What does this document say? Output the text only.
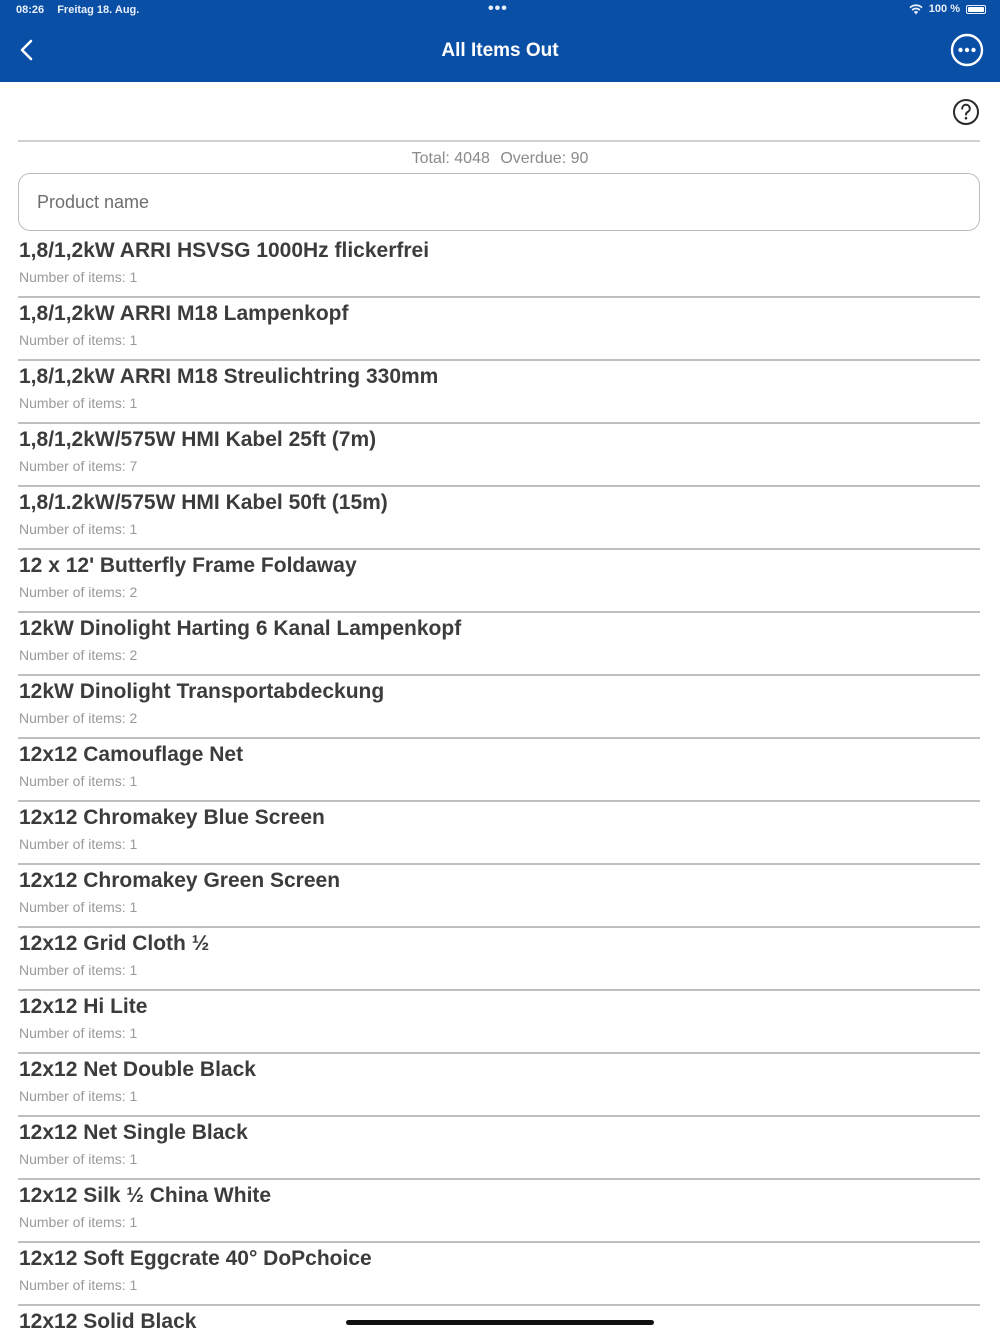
08:26 Freitag 18. Aug.	•••	100 %
All Items Out
Total: 4048 Overdue: 90
Product name
1,8/1,2kW ARRI HSVSG 1000Hz flickerfrei
Number of items: 1
1,8/1,2kW ARRI M18 Lampenkopf
Number of items: 1
1,8/1,2kW ARRI M18 Streulichtring 330mm
Number of items: 1
1,8/1,2kW/575W HMI Kabel 25ft (7m)
Number of items: 7
1,8/1.2kW/575W HMI Kabel 50ft (15m)
Number of items: 1
12 x 12' Butterfly Frame Foldaway
Number of items: 2
12kW Dinolight Harting 6 Kanal Lampenkopf
Number of items: 2
12kW Dinolight Transportabdeckung
Number of items: 2
12x12 Camouflage Net
Number of items: 1
12x12 Chromakey Blue Screen
Number of items: 1
12x12 Chromakey Green Screen
Number of items: 1
12x12 Grid Cloth ½
Number of items: 1
12x12 Hi Lite
Number of items: 1
12x12 Net Double Black
Number of items: 1
12x12 Net Single Black
Number of items: 1
12x12 Silk ½ China White
Number of items: 1
12x12 Soft Eggcrate 40° DoPchoice
Number of items: 1
12x12 Solid Black
